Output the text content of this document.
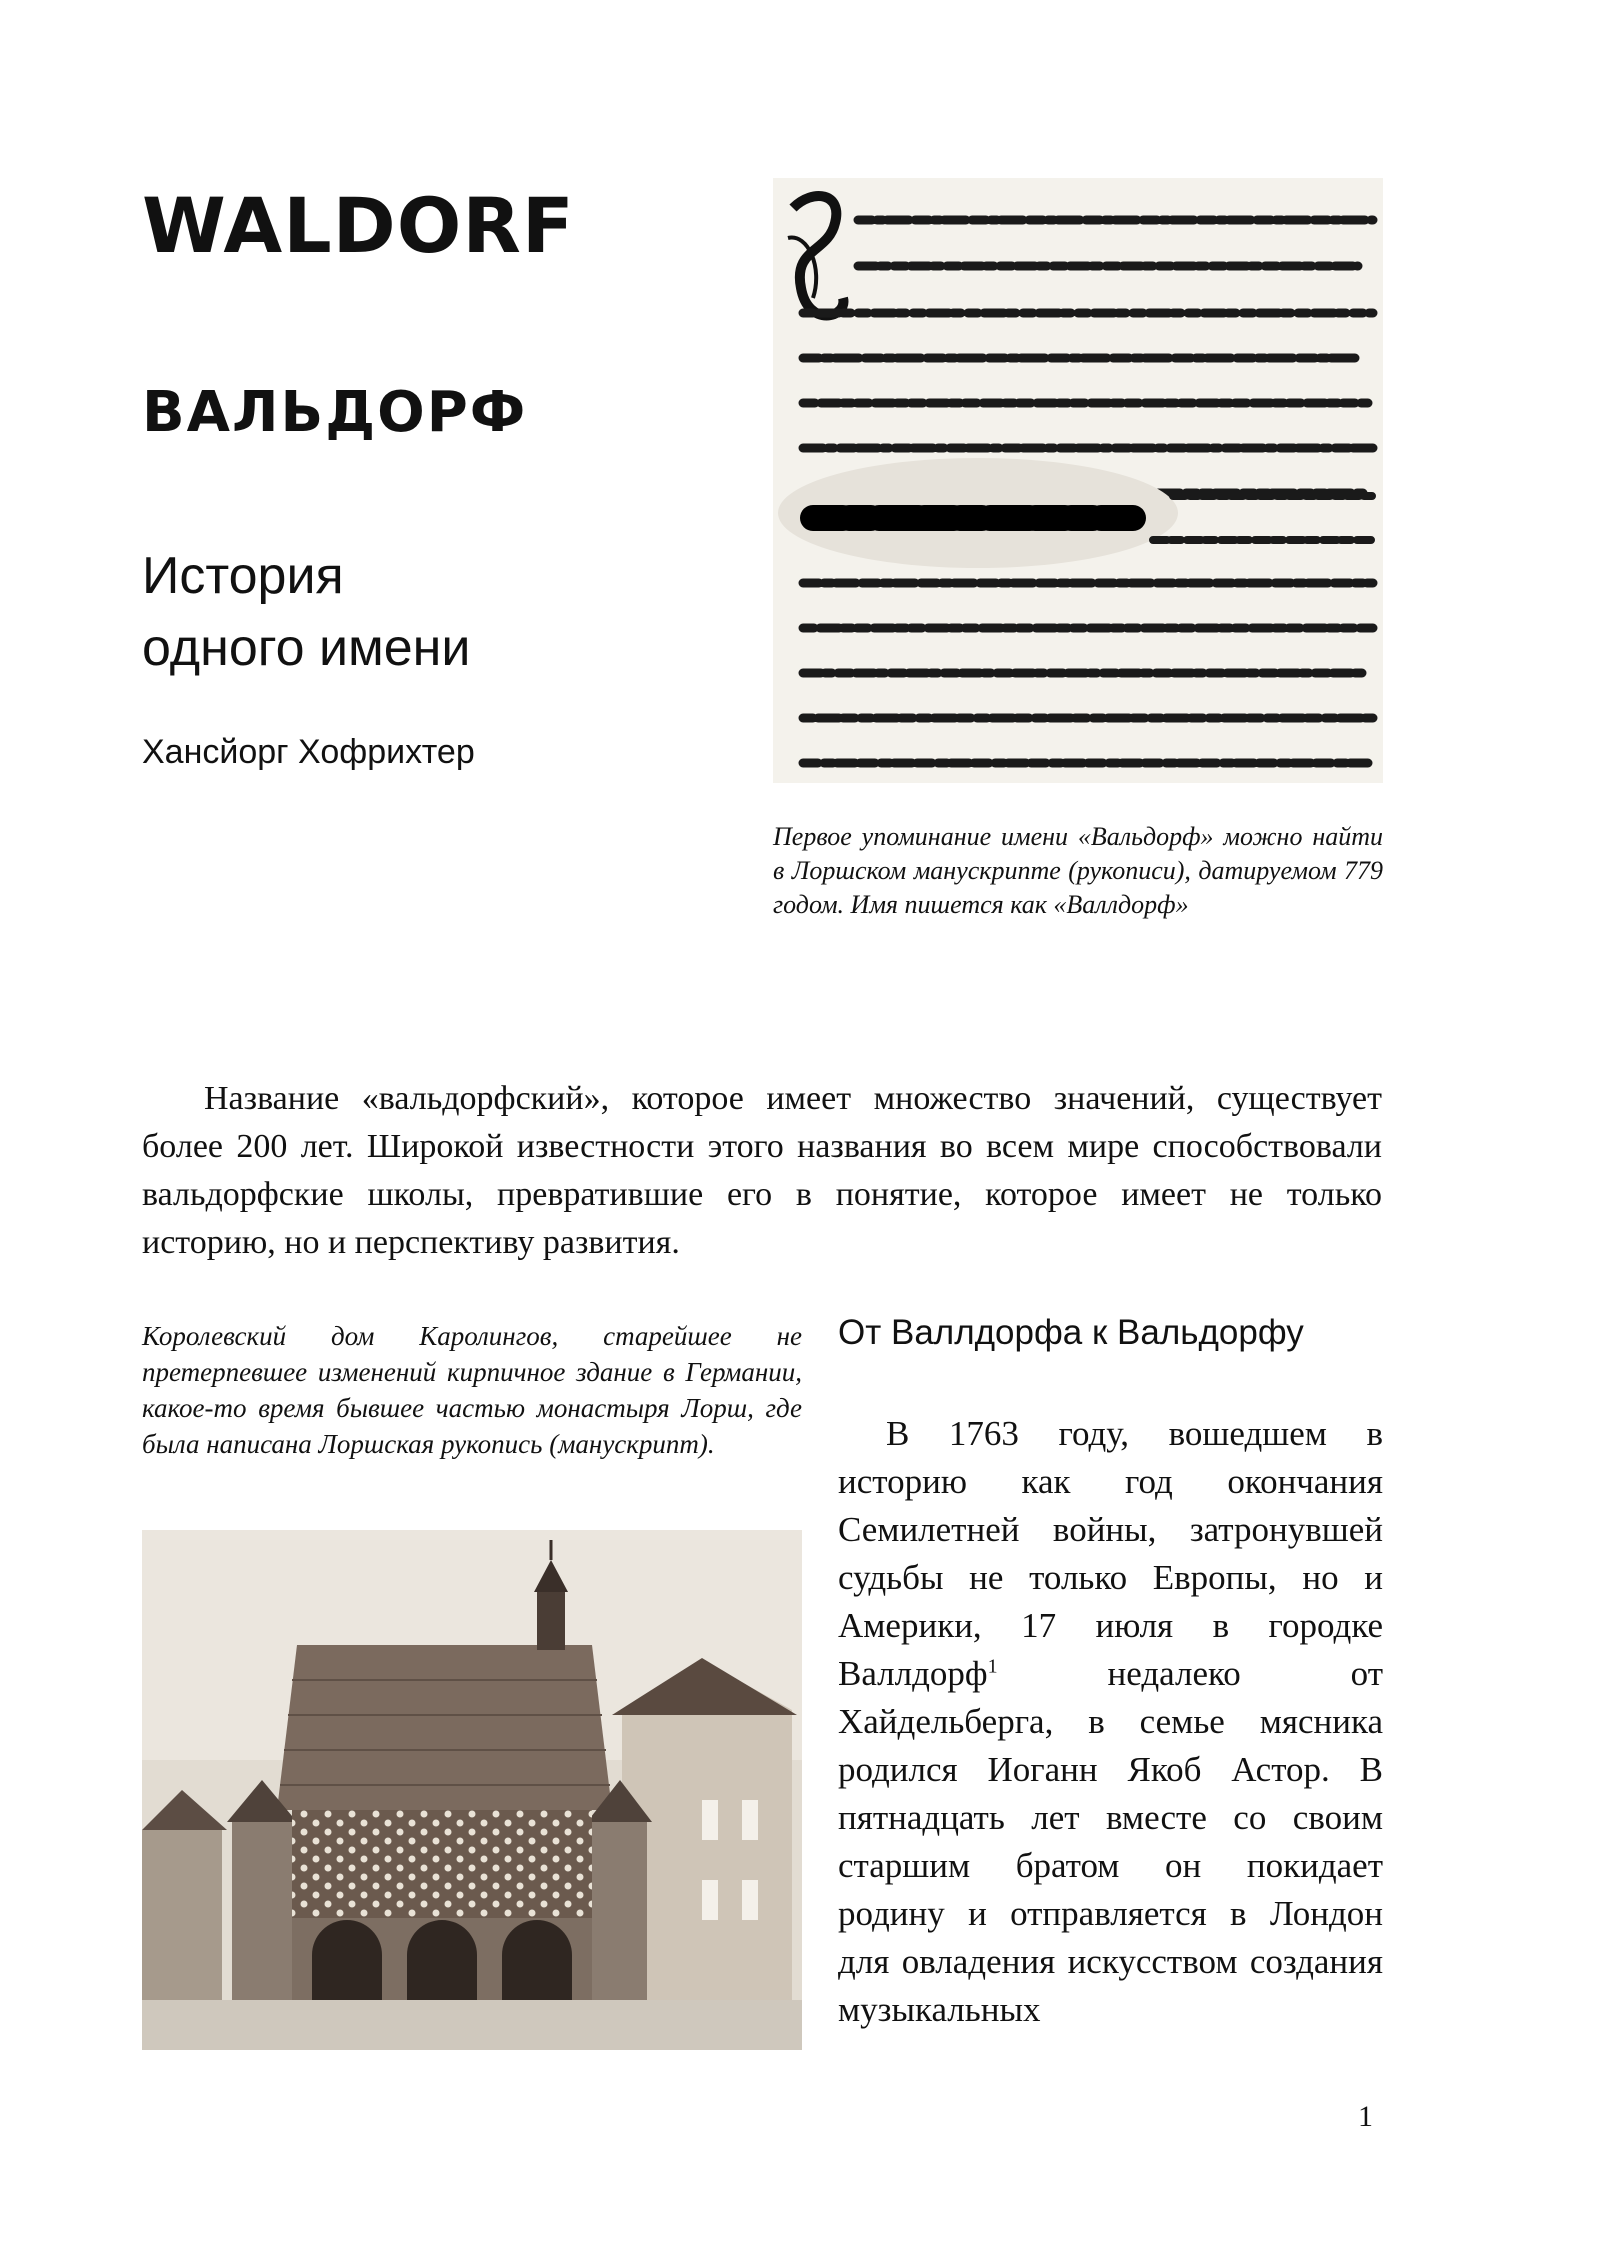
WALDORF
ВАЛЬДОРФ
История
одного имени
Хансйорг Хофрихтер
Первое упоминание имени «Вальдорф» можно найти в Лоршском манускрипте (рукописи), датируемом 779 годом. Имя пишется как «Валлдорф»

Название «вальдорфский», которое имеет множество значений, существует более 200 лет. Широкой известности этого названия во всем мире способствовали вальдорфские школы, превратившие его в понятие, которое имеет не только историю, но и перспективу развития.

Королевский дом Каролингов, старейшее не претерпевшее изменений кирпичное здание в Германии, какое-то время бывшее частью монастыря Лорш, где была написана Лоршская рукопись (манускрипт).
От Валлдорфа к Вальдорфу

В 1763 году, вошедшем в историю как год окончания Семилетней войны, затронувшей судьбы не только Европы, но и Америки, 17 июля в городке Валлдорф$^1$ недалеко от Хайдельберга, в семье мясника родился Иоганн Якоб Астор. В пятнадцать лет вместе со своим старшим братом он покидает родину и отправляется в Лондон для овладения искусством создания музыкальных

1
